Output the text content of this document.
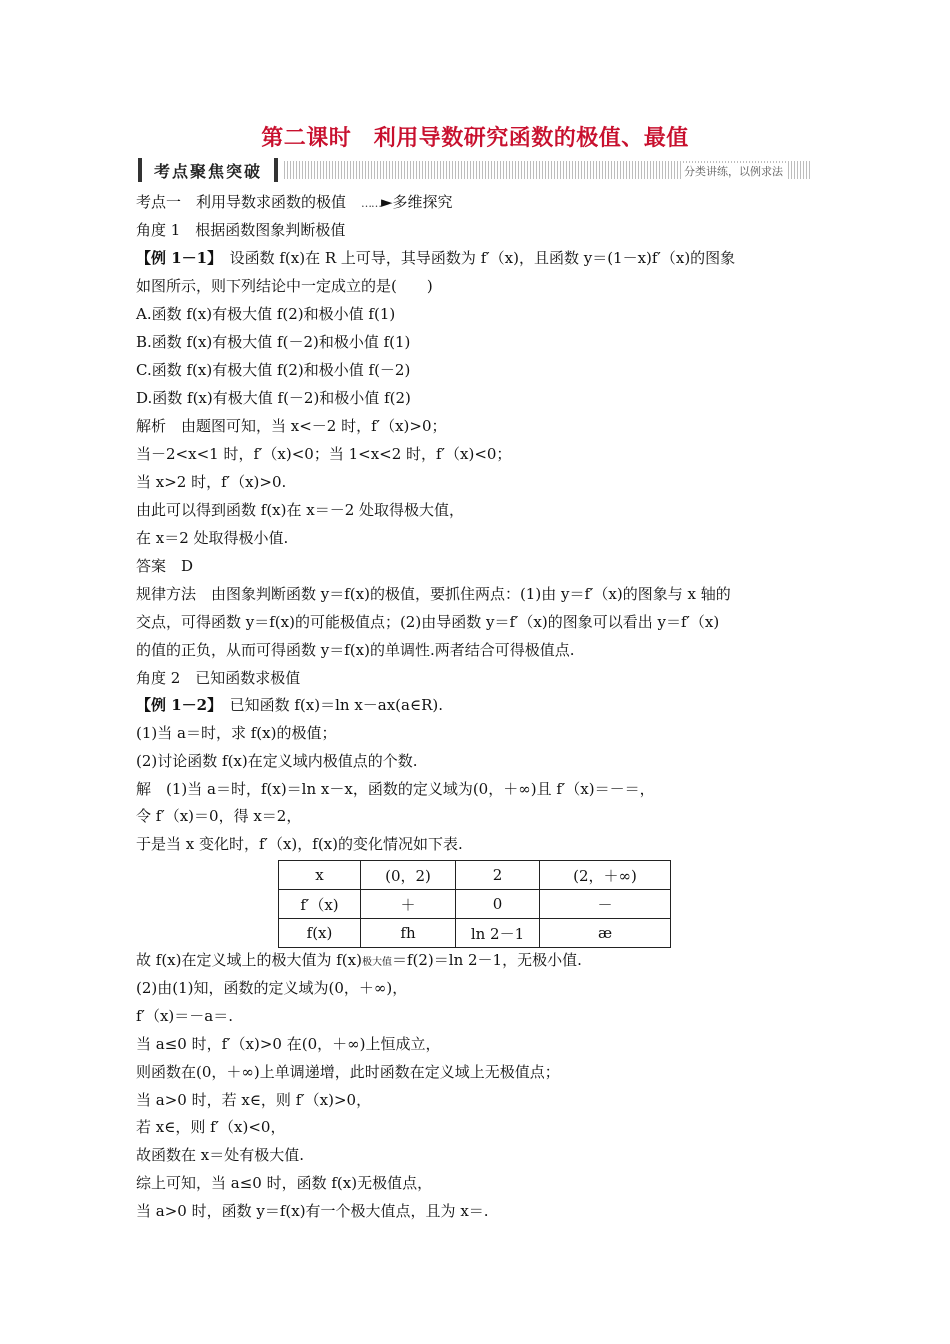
第二课时　利用导数研究函数的极值、最值
考点聚焦突破	分类讲练，以例求法
考点一　利用导数求函数的极值　……►多维探究
角度 1　根据函数图象判断极值
【例 1－1】　设函数 f(x)在 R 上可导，其导函数为 f′（x)，且函数 y＝(1－x)f′（x)的图象
如图所示，则下列结论中一定成立的是(　　)
A.函数 f(x)有极大值 f(2)和极小值 f(1)
B.函数 f(x)有极大值 f(－2)和极小值 f(1)
C.函数 f(x)有极大值 f(2)和极小值 f(－2)
D.函数 f(x)有极大值 f(－2)和极小值 f(2)
解析　由题图可知，当 x<－2 时，f′（x)>0；
当－2<x<1 时，f′（x)<0；当 1<x<2 时，f′（x)<0；
当 x>2 时，f′（x)>0.
由此可以得到函数 f(x)在 x＝－2 处取得极大值，
在 x＝2 处取得极小值.
答案　D
规律方法　由图象判断函数 y＝f(x)的极值，要抓住两点：(1)由 y＝f′（x)的图象与 x 轴的
交点，可得函数 y＝f(x)的可能极值点；(2)由导函数 y＝f′（x)的图象可以看出 y＝f′（x)
的值的正负，从而可得函数 y＝f(x)的单调性.两者结合可得极值点.
角度 2　已知函数求极值
【例 1－2】　已知函数 f(x)＝ln x－ax(a∈R).
(1)当 a＝时，求 f(x)的极值；
(2)讨论函数 f(x)在定义域内极值点的个数.
解　(1)当 a＝时，f(x)＝ln x－x，函数的定义域为(0，＋∞)且 f′（x)＝－＝，
令 f′（x)＝0，得 x＝2，
于是当 x 变化时，f′（x)，f(x)的变化情况如下表.
x	(0，2)	2	(2，＋∞)
f′（x)	＋	0	－
f(x)	fh	ln 2－1	æ
故 f(x)在定义域上的极大值为 f(x)极大值＝f(2)＝ln 2－1，无极小值.
(2)由(1)知，函数的定义域为(0，＋∞)，
f′（x)＝－a＝.
当 a≤0 时，f′（x)>0 在(0，＋∞)上恒成立，
则函数在(0，＋∞)上单调递增，此时函数在定义域上无极值点；
当 a>0 时，若 x∈，则 f′（x)>0，
若 x∈，则 f′（x)<0，
故函数在 x＝处有极大值.
综上可知，当 a≤0 时，函数 f(x)无极值点，
当 a>0 时，函数 y＝f(x)有一个极大值点，且为 x＝.
